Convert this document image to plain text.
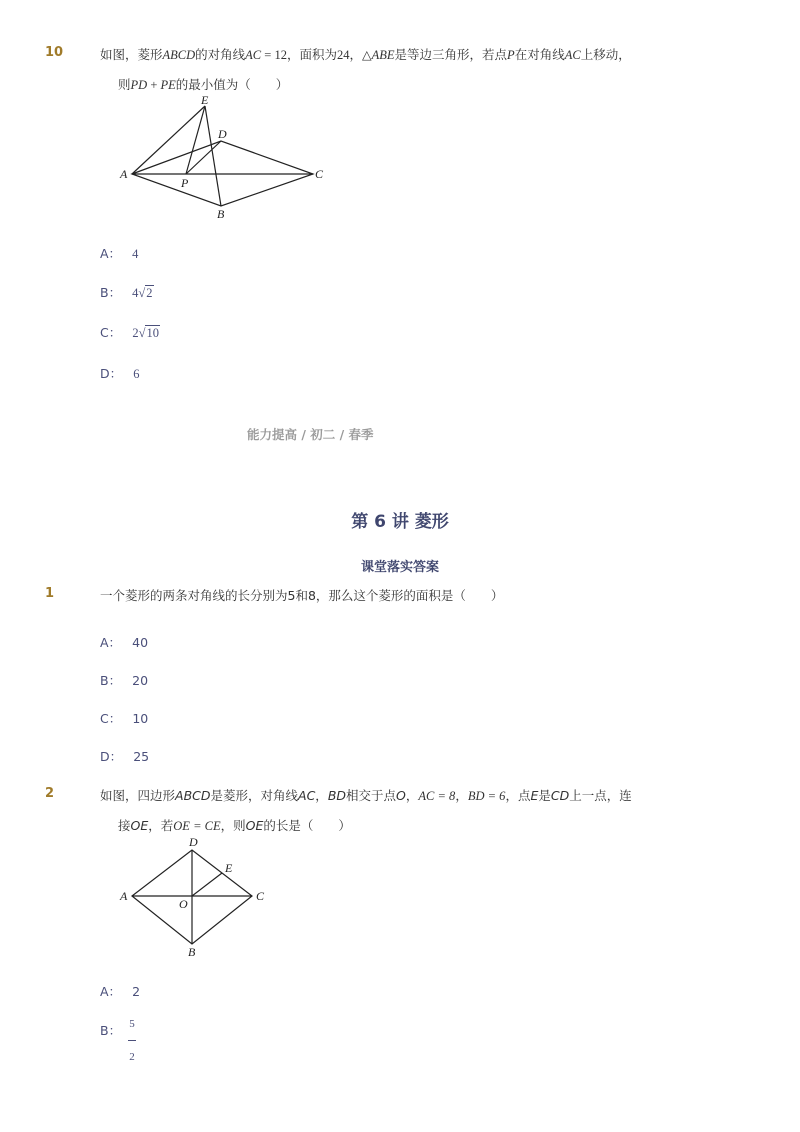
10	如图，菱形ABCD的对角线AC = 12，面积为24，△ABE是等边三角形，若点P在对角线AC上移动，
则PD + PE的最小值为（　　）
E
D
A	C
P
B
A： 4
B： 4√2
C： 2√10
D： 6
能力提高 / 初二 / 春季
第 6 讲 菱形
课堂落实答案
1	一个菱形的两条对角线的长分别为5和8，那么这个菱形的面积是（　　）
A： 40
B： 20
C： 10
D： 25
2	如图，四边形ABCD是菱形，对角线AC，BD相交于点O，AC = 8，BD = 6，点E是CD上一点，连
接OE，若OE = CE，则OE的长是（　　）
D
E
A	C
O
B
A： 2
B： 5
2
